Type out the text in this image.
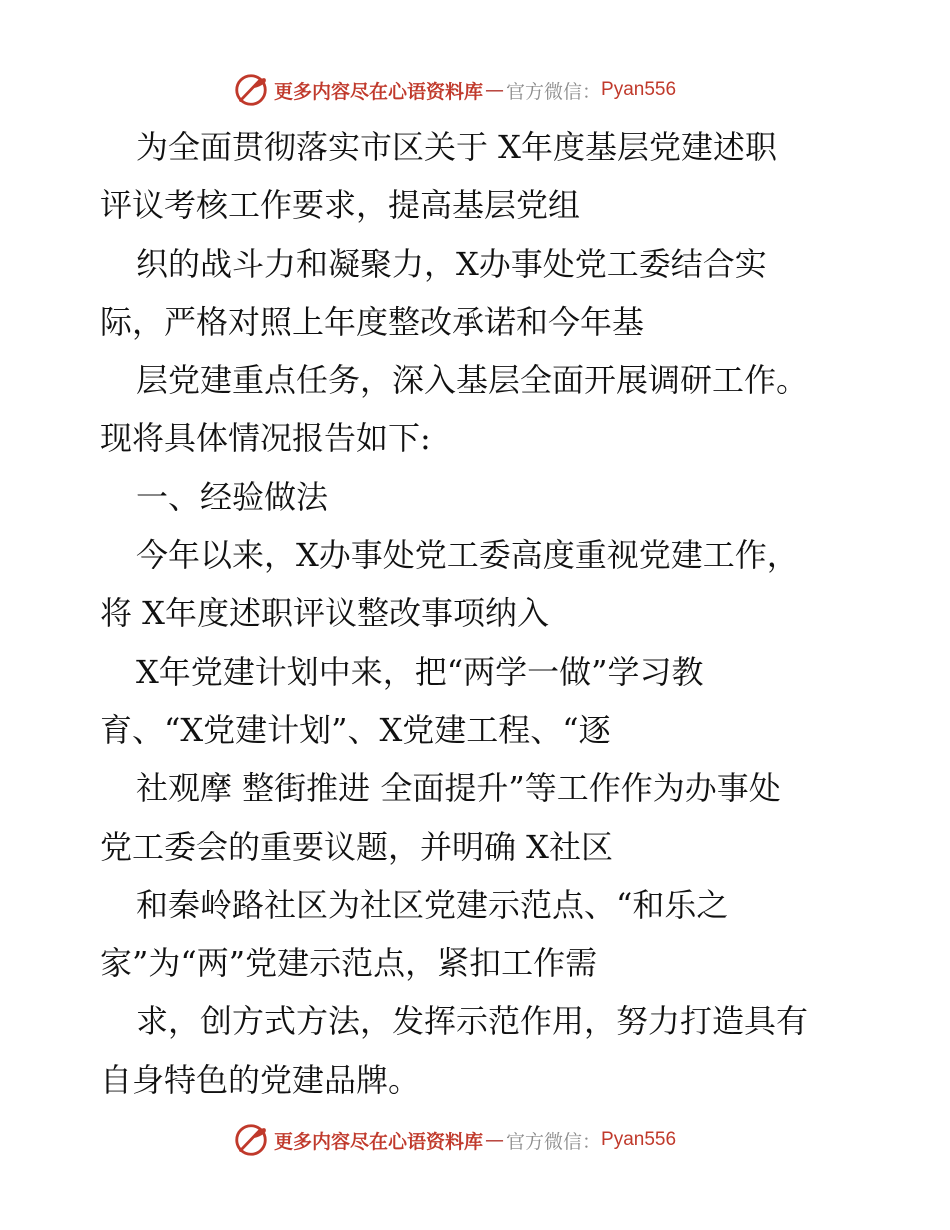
更多内容尽在心语资料库 — 官方微信： Pyan556
为全面贯彻落实市区关于 X年度基层党建述职
评议考核工作要求，提高基层党组
织的战斗力和凝聚力，X办事处党工委结合实
际，严格对照上年度整改承诺和今年基
层党建重点任务，深入基层全面开展调研工作。
现将具体情况报告如下:
一、经验做法
今年以来，X办事处党工委高度重视党建工作，
将 X年度述职评议整改事项纳入
X年党建计划中来，把“两学一做”学习教
育、“X党建计划”、X党建工程、“逐
社观摩 整街推进 全面提升”等工作作为办事处
党工委会的重要议题，并明确 X社区
和秦岭路社区为社区党建示范点、“和乐之
家”为“两”党建示范点，紧扣工作需
求，创方式方法，发挥示范作用，努力打造具有
自身特色的党建品牌。
更多内容尽在心语资料库 — 官方微信： Pyan556
